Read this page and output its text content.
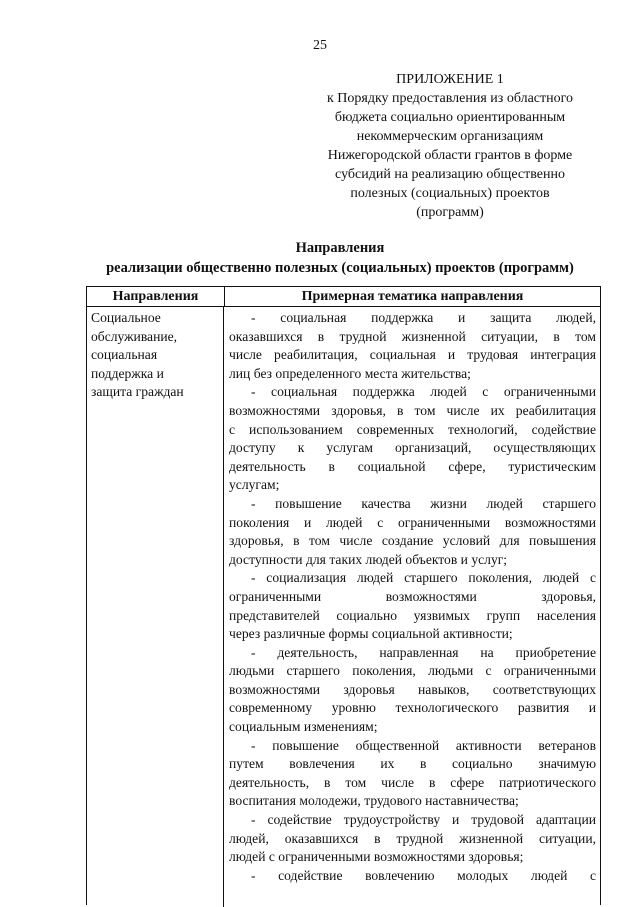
25
ПРИЛОЖЕНИЕ 1
к Порядку предоставления из областного
бюджета социально ориентированным
некоммерческим организациям
Нижегородской области грантов в форме
субсидий на реализацию общественно
полезных (социальных) проектов
(программ)
Направления
реализации общественно полезных (социальных) проектов (программ)
Направления	Примерная тематика направления
Социальное
обслуживание,
социальная
поддержка и
защита граждан
- социальная поддержка и защита людей,
оказавшихся в трудной жизненной ситуации, в том
числе реабилитация, социальная и трудовая интеграция
лиц без определенного места жительства;
- социальная поддержка людей с ограниченными
возможностями здоровья, в том числе их реабилитация
с использованием современных технологий, содействие
доступу к услугам организаций, осуществляющих
деятельность в социальной сфере, туристическим
услугам;
- повышение качества жизни людей старшего
поколения и людей с ограниченными возможностями
здоровья, в том числе создание условий для повышения
доступности для таких людей объектов и услуг;
- социализация людей старшего поколения, людей с
ограниченными возможностями здоровья,
представителей социально уязвимых групп населения
через различные формы социальной активности;
- деятельность, направленная на приобретение
людьми старшего поколения, людьми с ограниченными
возможностями здоровья навыков, соответствующих
современному уровню технологического развития и
социальным изменениям;
- повышение общественной активности ветеранов
путем вовлечения их в социально значимую
деятельность, в том числе в сфере патриотического
воспитания молодежи, трудового наставничества;
- содействие трудоустройству и трудовой адаптации
людей, оказавшихся в трудной жизненной ситуации,
людей с ограниченными возможностями здоровья;
- содействие вовлечению молодых людей с
